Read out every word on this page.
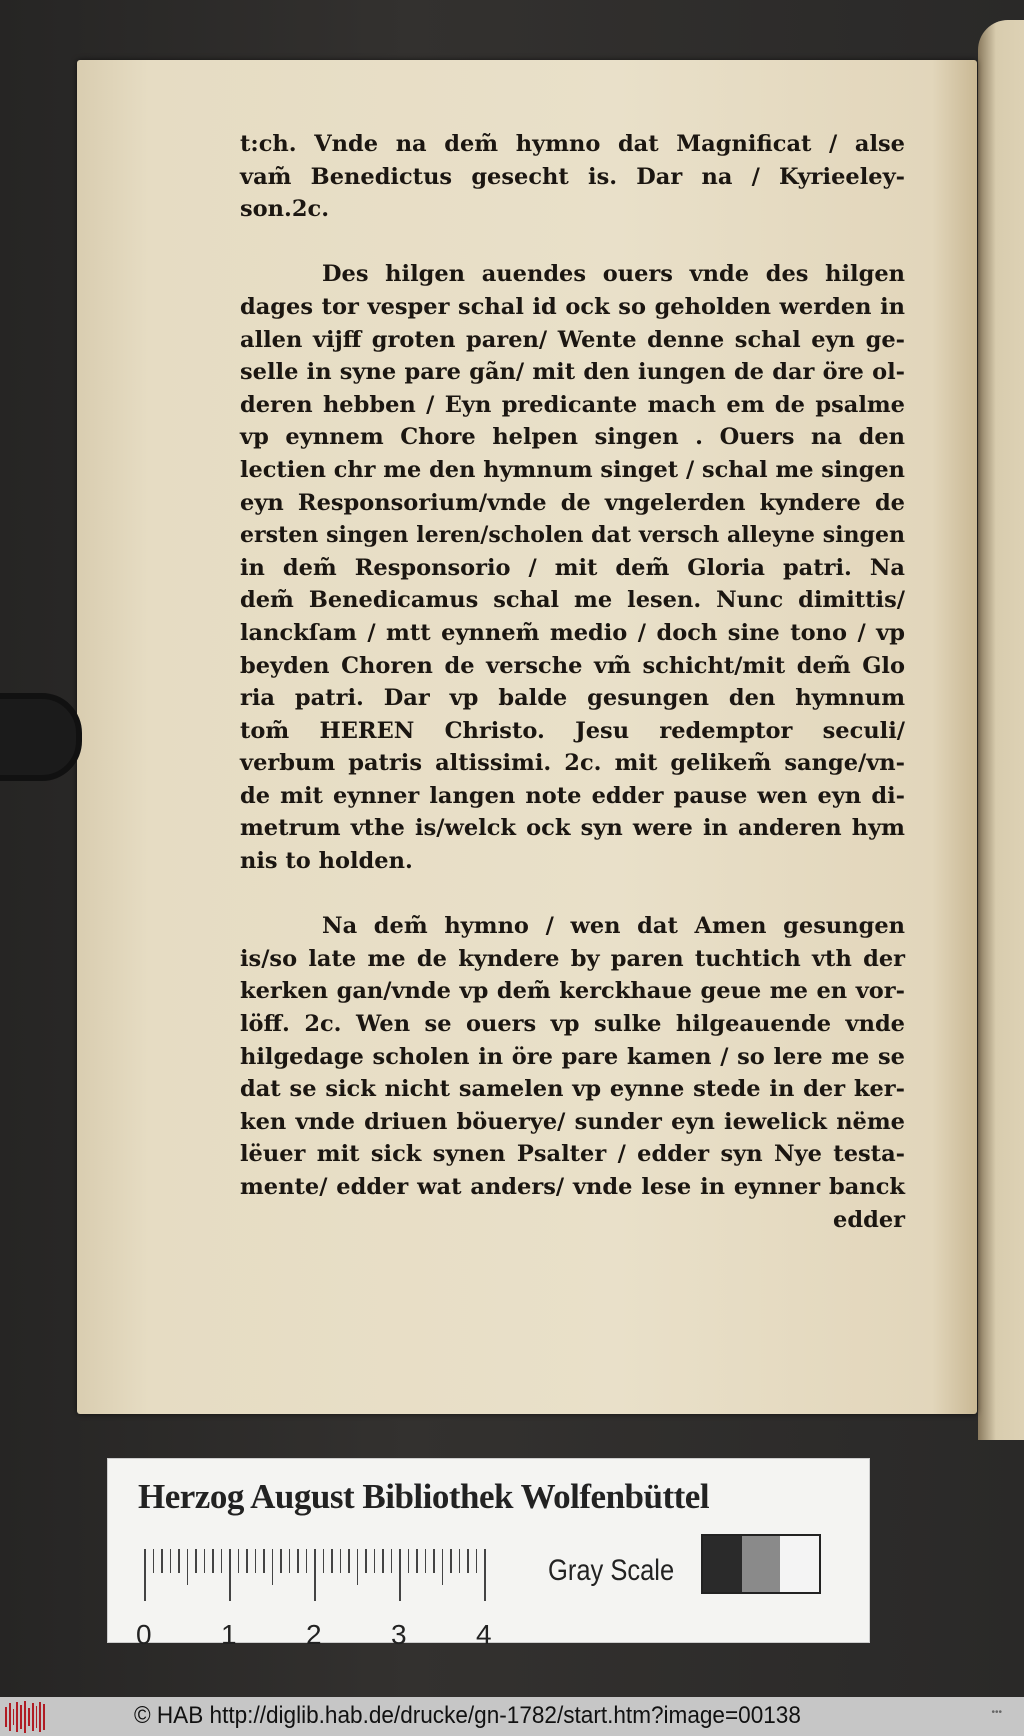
t:ch. Vnde na dem̃ hymno dat Magnificat / alse
vam̃ Benedictus gesecht is. Dar na / Kyrieeley-
son.2c.
Des hilgen auendes ouers vnde des hilgen
dages tor vesper schal id ock so geholden werden in
allen vijff groten paren/ Wente denne schal eyn ge-
selle in syne pare gãn/ mit den iungen de dar öre ol-
deren hebben / Eyn predicante mach em de psalme
vp eynnem Chore helpen singen . Ouers na den
lectien chr me den hymnum singet / schal me singen
eyn Responsorium/vnde de vngelerden kyndere de
ersten singen leren/scholen dat versch alleyne singen
in dem̃ Responsorio / mit dem̃ Gloria patri. Na
dem̃ Benedicamus schal me lesen. Nunc dimittis/
lanckſam / mtt eynnem̃ medio / doch sine tono / vp
beyden Choren de versche vm̃ schicht/mit dem̃ Glo
ria patri. Dar vp balde gesungen den hymnum
tom̃ HEREN Christo. Jesu redemptor seculi/
verbum patris altissimi. 2c. mit gelikem̃ sange/vn-
de mit eynner langen note edder pause wen eyn di-
metrum vthe is/welck ock syn were in anderen hym
nis to holden.
Na dem̃ hymno / wen dat Amen gesungen
is/so late me de kyndere by paren tuchtich vth der
kerken gan/vnde vp dem̃ kerckhaue geue me en vor-
löff. 2c. Wen se ouers vp sulke hilgeauende vnde
hilgedage scholen in öre pare kamen / so lere me se
dat se sick nicht samelen vp eynne stede in der ker-
ken vnde driuen böuerye/ sunder eyn iewelick nëme
lëuer mit sick synen Psalter / edder syn Nye testa-
mente/ edder wat anders/ vnde lese in eynner banck
edder
Herzog August Bibliothek Wolfenbüttel
0 1 2 3 4
Gray Scale
© HAB http://diglib.hab.de/drucke/gn-1782/start.htm?image=00138	•••
